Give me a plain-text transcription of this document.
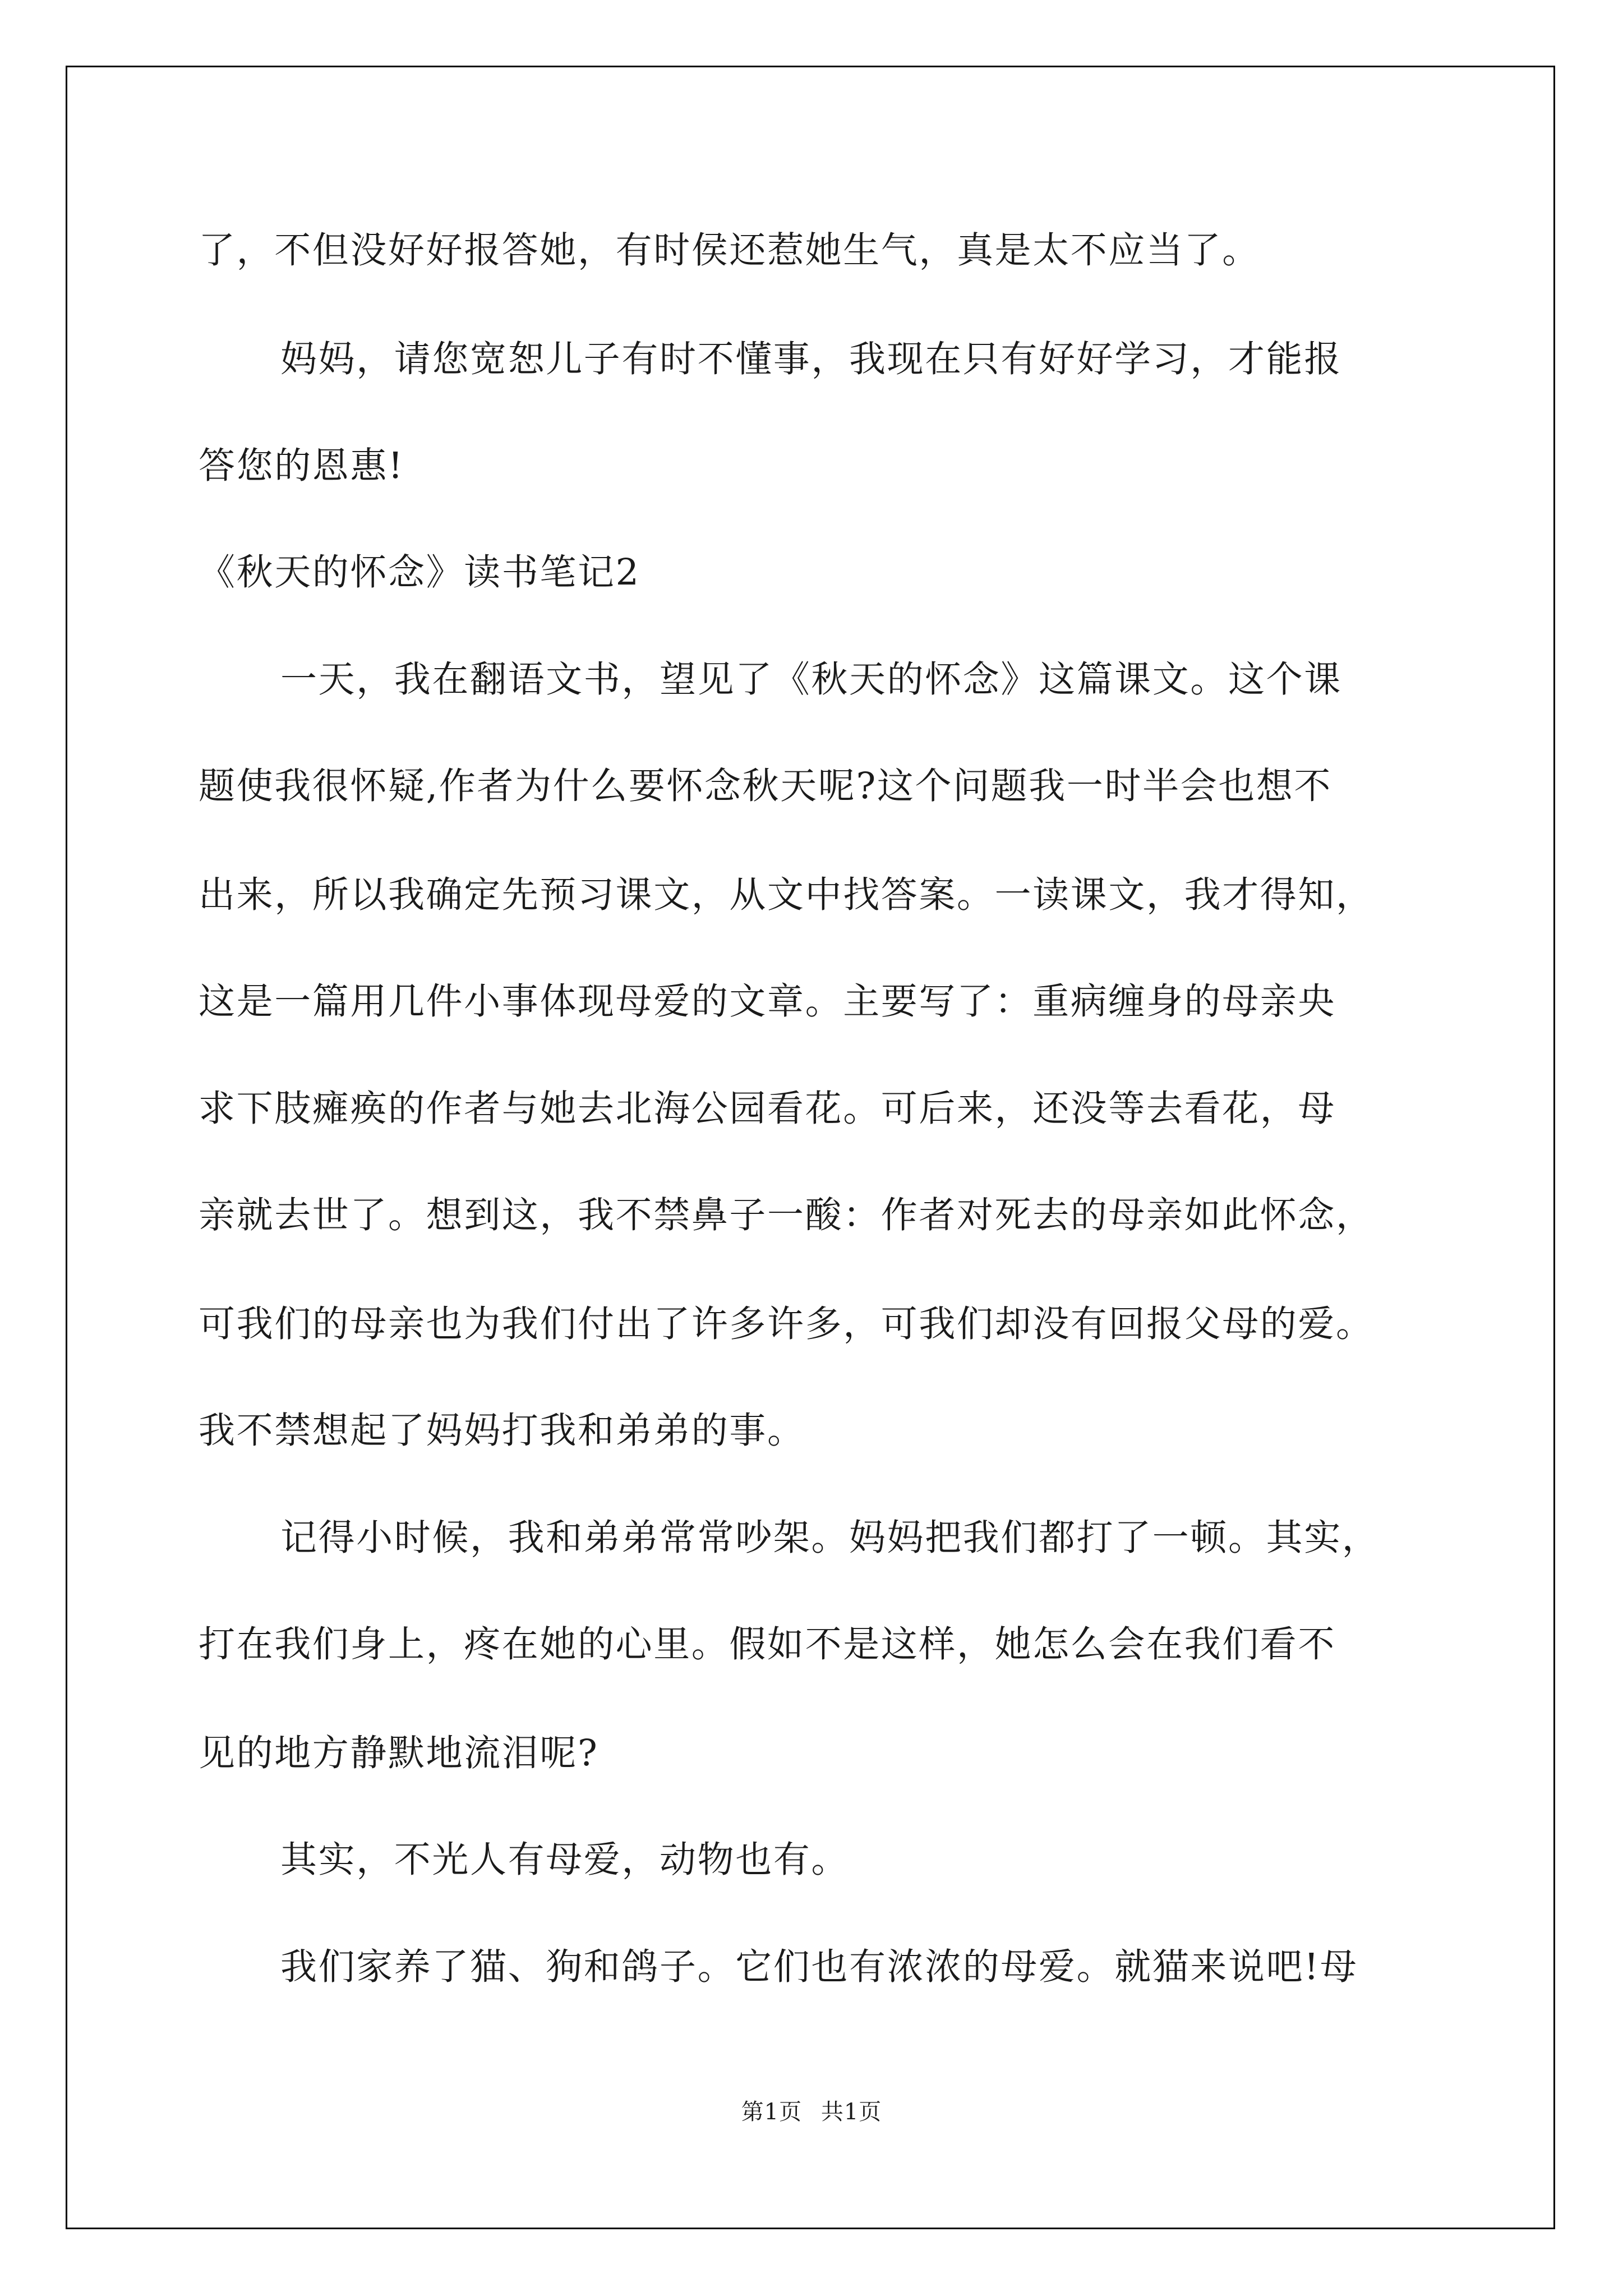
了，不但没好好报答她，有时侯还惹她生气，真是太不应当了。
妈妈，请您宽恕儿子有时不懂事，我现在只有好好学习，才能报
答您的恩惠!
《秋天的怀念》读书笔记2
一天，我在翻语文书，望见了《秋天的怀念》这篇课文。这个课
题使我很怀疑,作者为什么要怀念秋天呢?这个问题我一时半会也想不
出来，所以我确定先预习课文，从文中找答案。一读课文，我才得知，
这是一篇用几件小事体现母爱的文章。主要写了：重病缠身的母亲央
求下肢瘫痪的作者与她去北海公园看花。可后来，还没等去看花，母
亲就去世了。想到这，我不禁鼻子一酸：作者对死去的母亲如此怀念，
可我们的母亲也为我们付出了许多许多，可我们却没有回报父母的爱。
我不禁想起了妈妈打我和弟弟的事。
记得小时候，我和弟弟常常吵架。妈妈把我们都打了一顿。其实，
打在我们身上，疼在她的心里。假如不是这样，她怎么会在我们看不
见的地方静默地流泪呢?
其实，不光人有母爱，动物也有。
我们家养了猫、狗和鸽子。它们也有浓浓的母爱。就猫来说吧!母
第1页 共1页
